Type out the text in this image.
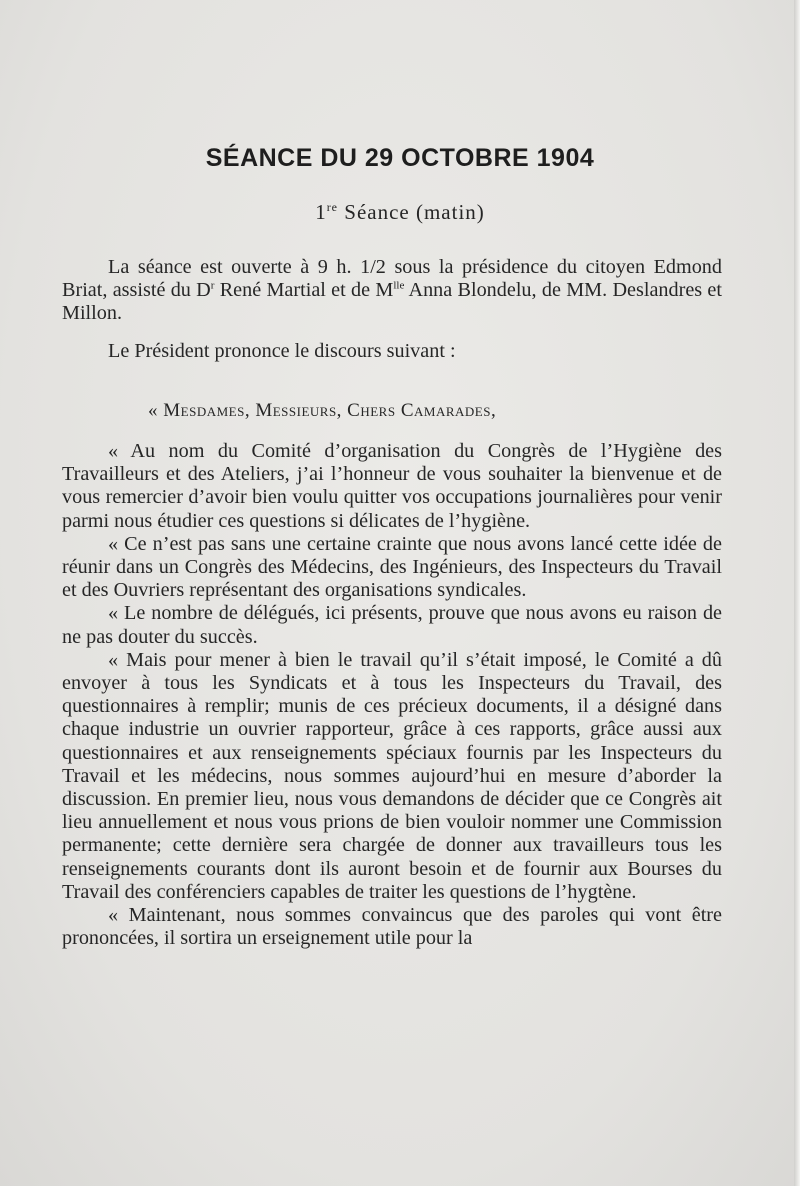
SÉANCE DU 29 OCTOBRE 1904
1re Séance (matin)

La séance est ouverte à 9 h. 1/2 sous la présidence du citoyen Edmond Briat, assisté du $D^r$ René Martial et de $M^{lle}$ Anna Blondelu, de MM. Deslandres et Millon.

Le Président prononce le discours suivant :

« Mesdames, Messieurs, Chers Camarades,

« Au nom du Comité d’organisation du Congrès de l’Hygiène des Travailleurs et des Ateliers, j’ai l’honneur de vous souhaiter la bienvenue et de vous remercier d’avoir bien voulu quitter vos occupations journalières pour venir parmi nous étudier ces questions si délicates de l’hygiène.

« Ce n’est pas sans une certaine crainte que nous avons lancé cette idée de réunir dans un Congrès des Médecins, des Ingénieurs, des Inspecteurs du Travail et des Ouvriers représentant des organisations syndicales.

« Le nombre de délégués, ici présents, prouve que nous avons eu raison de ne pas douter du succès.

« Mais pour mener à bien le travail qu’il s’était imposé, le Comité a dû envoyer à tous les Syndicats et à tous les Inspecteurs du Travail, des questionnaires à remplir; munis de ces précieux documents, il a désigné dans chaque industrie un ouvrier rapporteur, grâce à ces rapports, grâce aussi aux questionnaires et aux renseignements spéciaux fournis par les Inspecteurs du Travail et les médecins, nous sommes aujourd’hui en mesure d’aborder la discussion. En premier lieu, nous vous demandons de décider que ce Congrès ait lieu annuellement et nous vous prions de bien vouloir nommer une Commission permanente; cette dernière sera chargée de donner aux travailleurs tous les renseignements courants dont ils auront besoin et de fournir aux Bourses du Travail des conférenciers capables de traiter les questions de l’hygtène.

« Maintenant, nous sommes convaincus que des paroles qui vont être prononcées, il sortira un erseignement utile pour la
